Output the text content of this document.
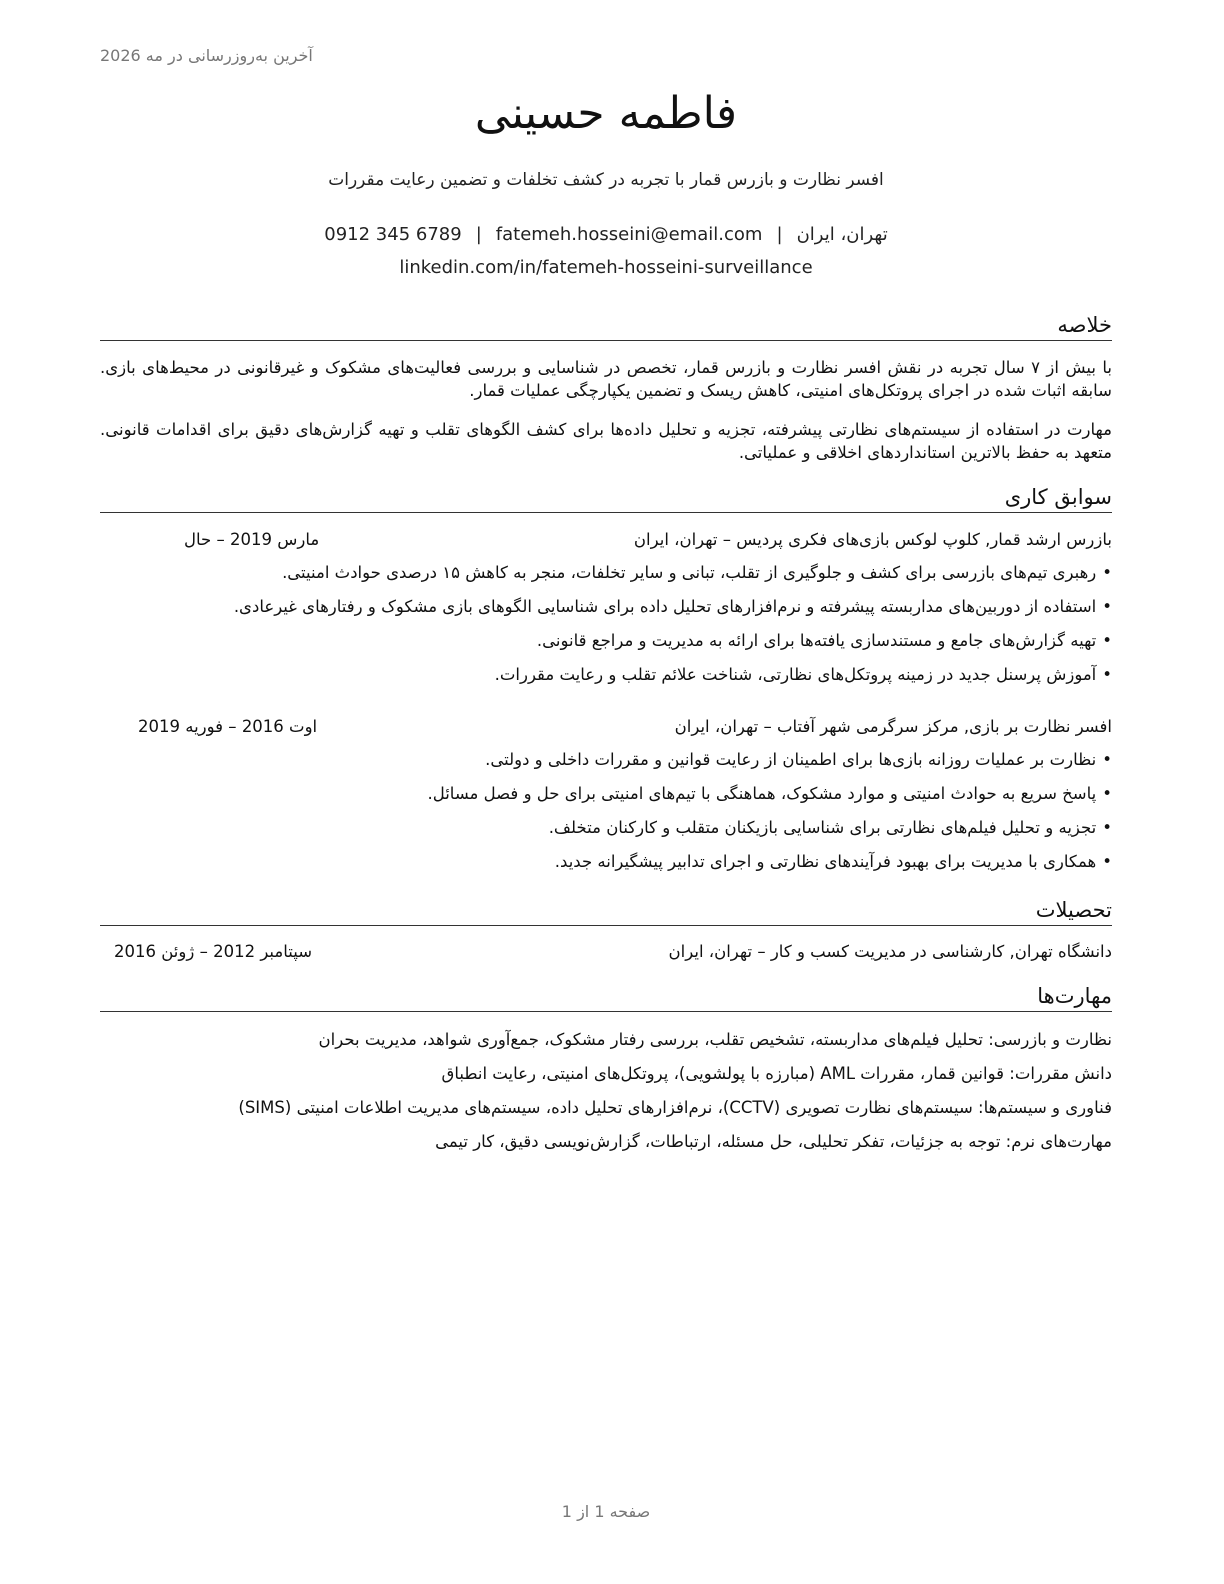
آخرین به‌روزرسانی در مه 2026
فاطمه حسینی
افسر نظارت و بازرس قمار با تجربه در کشف تخلفات و تضمین رعایت مقررات
0912 345 6789 | fatemeh.hosseini@email.com | تهران، ایران
linkedin.com/in/fatemeh-hosseini-surveillance
خلاصه
با بیش از ۷ سال تجربه در نقش افسر نظارت و بازرس قمار، تخصص در شناسایی و بررسی فعالیت‌های مشکوک و غیرقانونی در محیط‌های بازی. سابقه اثبات شده در اجرای پروتکل‌های امنیتی، کاهش ریسک و تضمین یکپارچگی عملیات قمار.
مهارت در استفاده از سیستم‌های نظارتی پیشرفته، تجزیه و تحلیل داده‌ها برای کشف الگوهای تقلب و تهیه گزارش‌های دقیق برای اقدامات قانونی. متعهد به حفظ بالاترین استانداردهای اخلاقی و عملیاتی.
سوابق کاری
بازرس ارشد قمار, کلوپ لوکس بازی‌های فکری پردیس – تهران، ایران
مارس 2019 – حال
•رهبری تیم‌های بازرسی برای کشف و جلوگیری از تقلب، تبانی و سایر تخلفات، منجر به کاهش ۱۵ درصدی حوادث امنیتی.
•استفاده از دوربین‌های مداربسته پیشرفته و نرم‌افزارهای تحلیل داده برای شناسایی الگوهای بازی مشکوک و رفتارهای غیرعادی.
•تهیه گزارش‌های جامع و مستندسازی یافته‌ها برای ارائه به مدیریت و مراجع قانونی.
•آموزش پرسنل جدید در زمینه پروتکل‌های نظارتی، شناخت علائم تقلب و رعایت مقررات.
افسر نظارت بر بازی, مرکز سرگرمی شهر آفتاب – تهران، ایران
اوت 2016 – فوریه 2019
•نظارت بر عملیات روزانه بازی‌ها برای اطمینان از رعایت قوانین و مقررات داخلی و دولتی.
•پاسخ سریع به حوادث امنیتی و موارد مشکوک، هماهنگی با تیم‌های امنیتی برای حل و فصل مسائل.
•تجزیه و تحلیل فیلم‌های نظارتی برای شناسایی بازیکنان متقلب و کارکنان متخلف.
•همکاری با مدیریت برای بهبود فرآیندهای نظارتی و اجرای تدابیر پیشگیرانه جدید.
تحصیلات
دانشگاه تهران, کارشناسی در مدیریت کسب و کار – تهران، ایران
سپتامبر 2012 – ژوئن 2016
مهارت‌ها
نظارت و بازرسی: تحلیل فیلم‌های مداربسته، تشخیص تقلب، بررسی رفتار مشکوک، جمع‌آوری شواهد، مدیریت بحران
دانش مقررات: قوانین قمار، مقررات AML (مبارزه با پولشویی)، پروتکل‌های امنیتی، رعایت انطباق
فناوری و سیستم‌ها: سیستم‌های نظارت تصویری (CCTV)، نرم‌افزارهای تحلیل داده، سیستم‌های مدیریت اطلاعات امنیتی (SIMS)
مهارت‌های نرم: توجه به جزئیات، تفکر تحلیلی، حل مسئله، ارتباطات، گزارش‌نویسی دقیق، کار تیمی
صفحه 1 از 1
